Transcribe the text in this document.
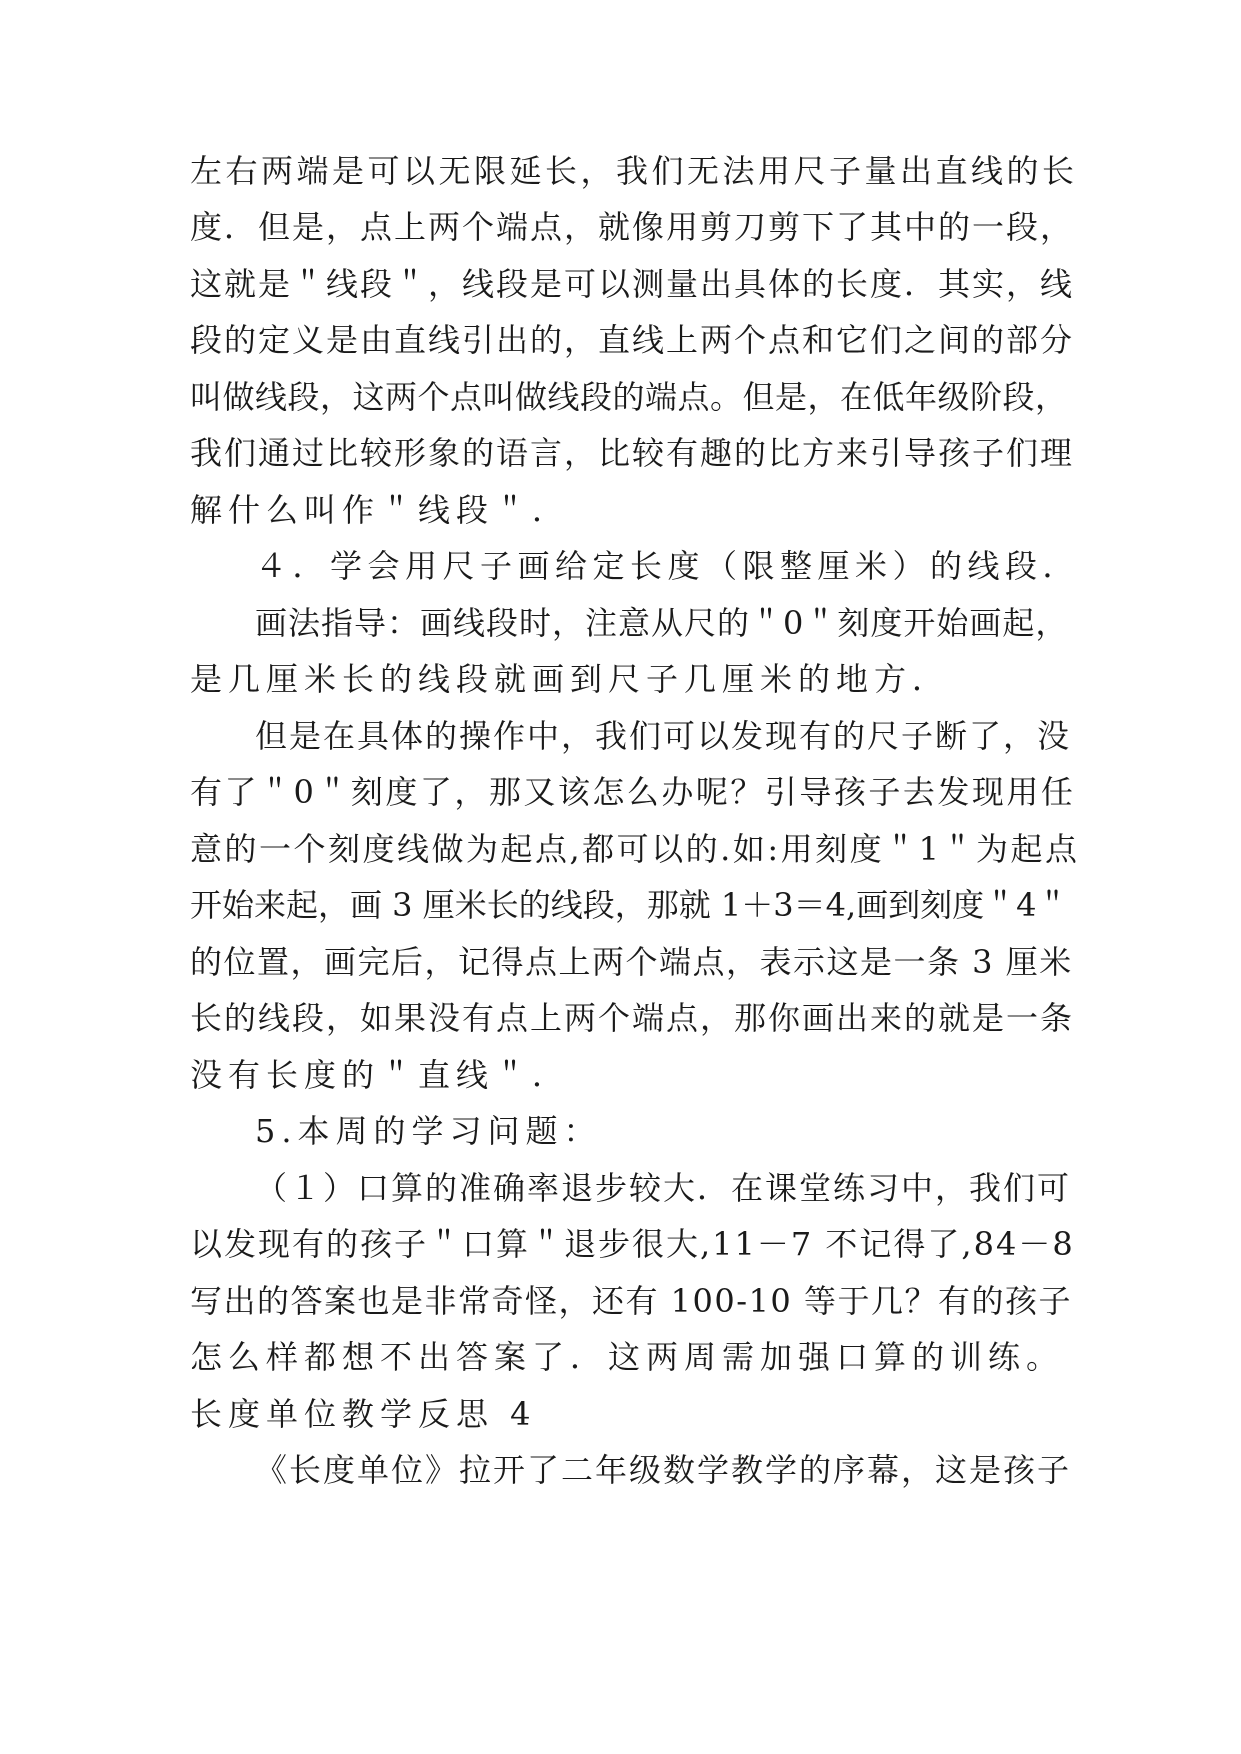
左右两端是可以无限延长，我们无法用尺子量出直线的长
度．但是，点上两个端点，就像用剪刀剪下了其中的一段，
这就是＂线段＂，线段是可以测量出具体的长度．其实，线
段的定义是由直线引出的，直线上两个点和它们之间的部分
叫做线段，这两个点叫做线段的端点。但是，在低年级阶段，
我们通过比较形象的语言，比较有趣的比方来引导孩子们理
解什么叫作＂线段＂．
４．学会用尺子画给定长度（限整厘米）的线段．
画法指导：画线段时，注意从尺的＂0＂刻度开始画起，
是几厘米长的线段就画到尺子几厘米的地方．
但是在具体的操作中，我们可以发现有的尺子断了，没
有了＂0＂刻度了，那又该怎么办呢？引导孩子去发现用任
意的一个刻度线做为起点,都可以的.如:用刻度＂1＂为起点
开始来起，画 3 厘米长的线段，那就 1＋3＝4,画到刻度＂4＂
的位置，画完后，记得点上两个端点，表示这是一条 3 厘米
长的线段，如果没有点上两个端点，那你画出来的就是一条
没有长度的＂直线＂．
5.本周的学习问题：
（１）口算的准确率退步较大．在课堂练习中，我们可
以发现有的孩子＂口算＂退步很大,11－7 不记得了,84－8
写出的答案也是非常奇怪，还有 100-10 等于几？有的孩子
怎么样都想不出答案了．这两周需加强口算的训练。
长度单位教学反思 4
《长度单位》拉开了二年级数学教学的序幕，这是孩子
